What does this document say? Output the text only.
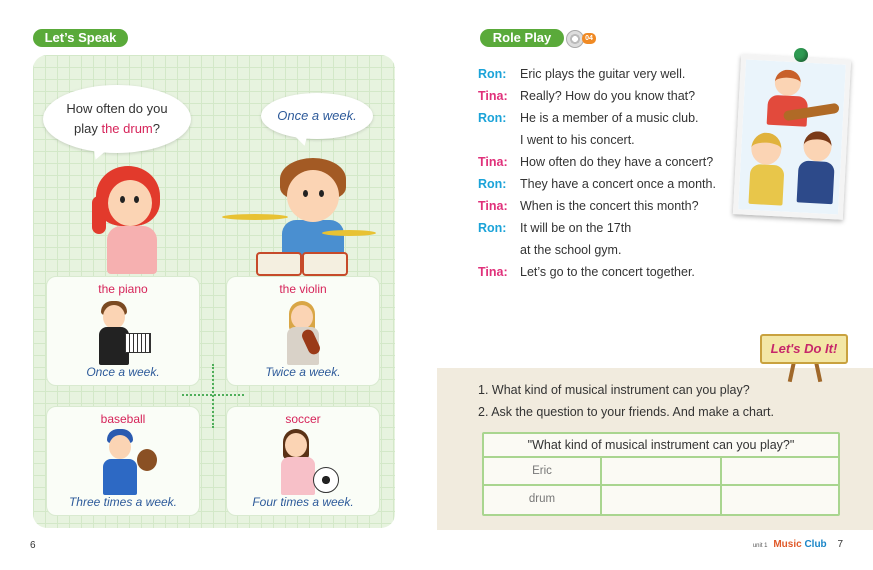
Let’s Speak
How often do you
play the drum?
Once a week.
the piano
Once a week.
the violin
Twice a week.
baseball
Three times a week.
soccer
Four times a week.
6
Role Play	04
Ron: Eric plays the guitar very well.
Tina: Really? How do you know that?
Ron: He is a member of a music club.
I went to his concert.
Tina: How often do they have a concert?
Ron: They have a concert once a month.
Tina: When is the concert this month?
Ron: It will be on the 17th
at the school gym.
Tina: Let’s go to the concert together.
Let's Do It!
1. What kind of musical instrument can you play?
2. Ask the question to your friends. And make a chart.
"What kind of musical instrument can you play?"
Eric
drum
unit 1 Music Club 7
